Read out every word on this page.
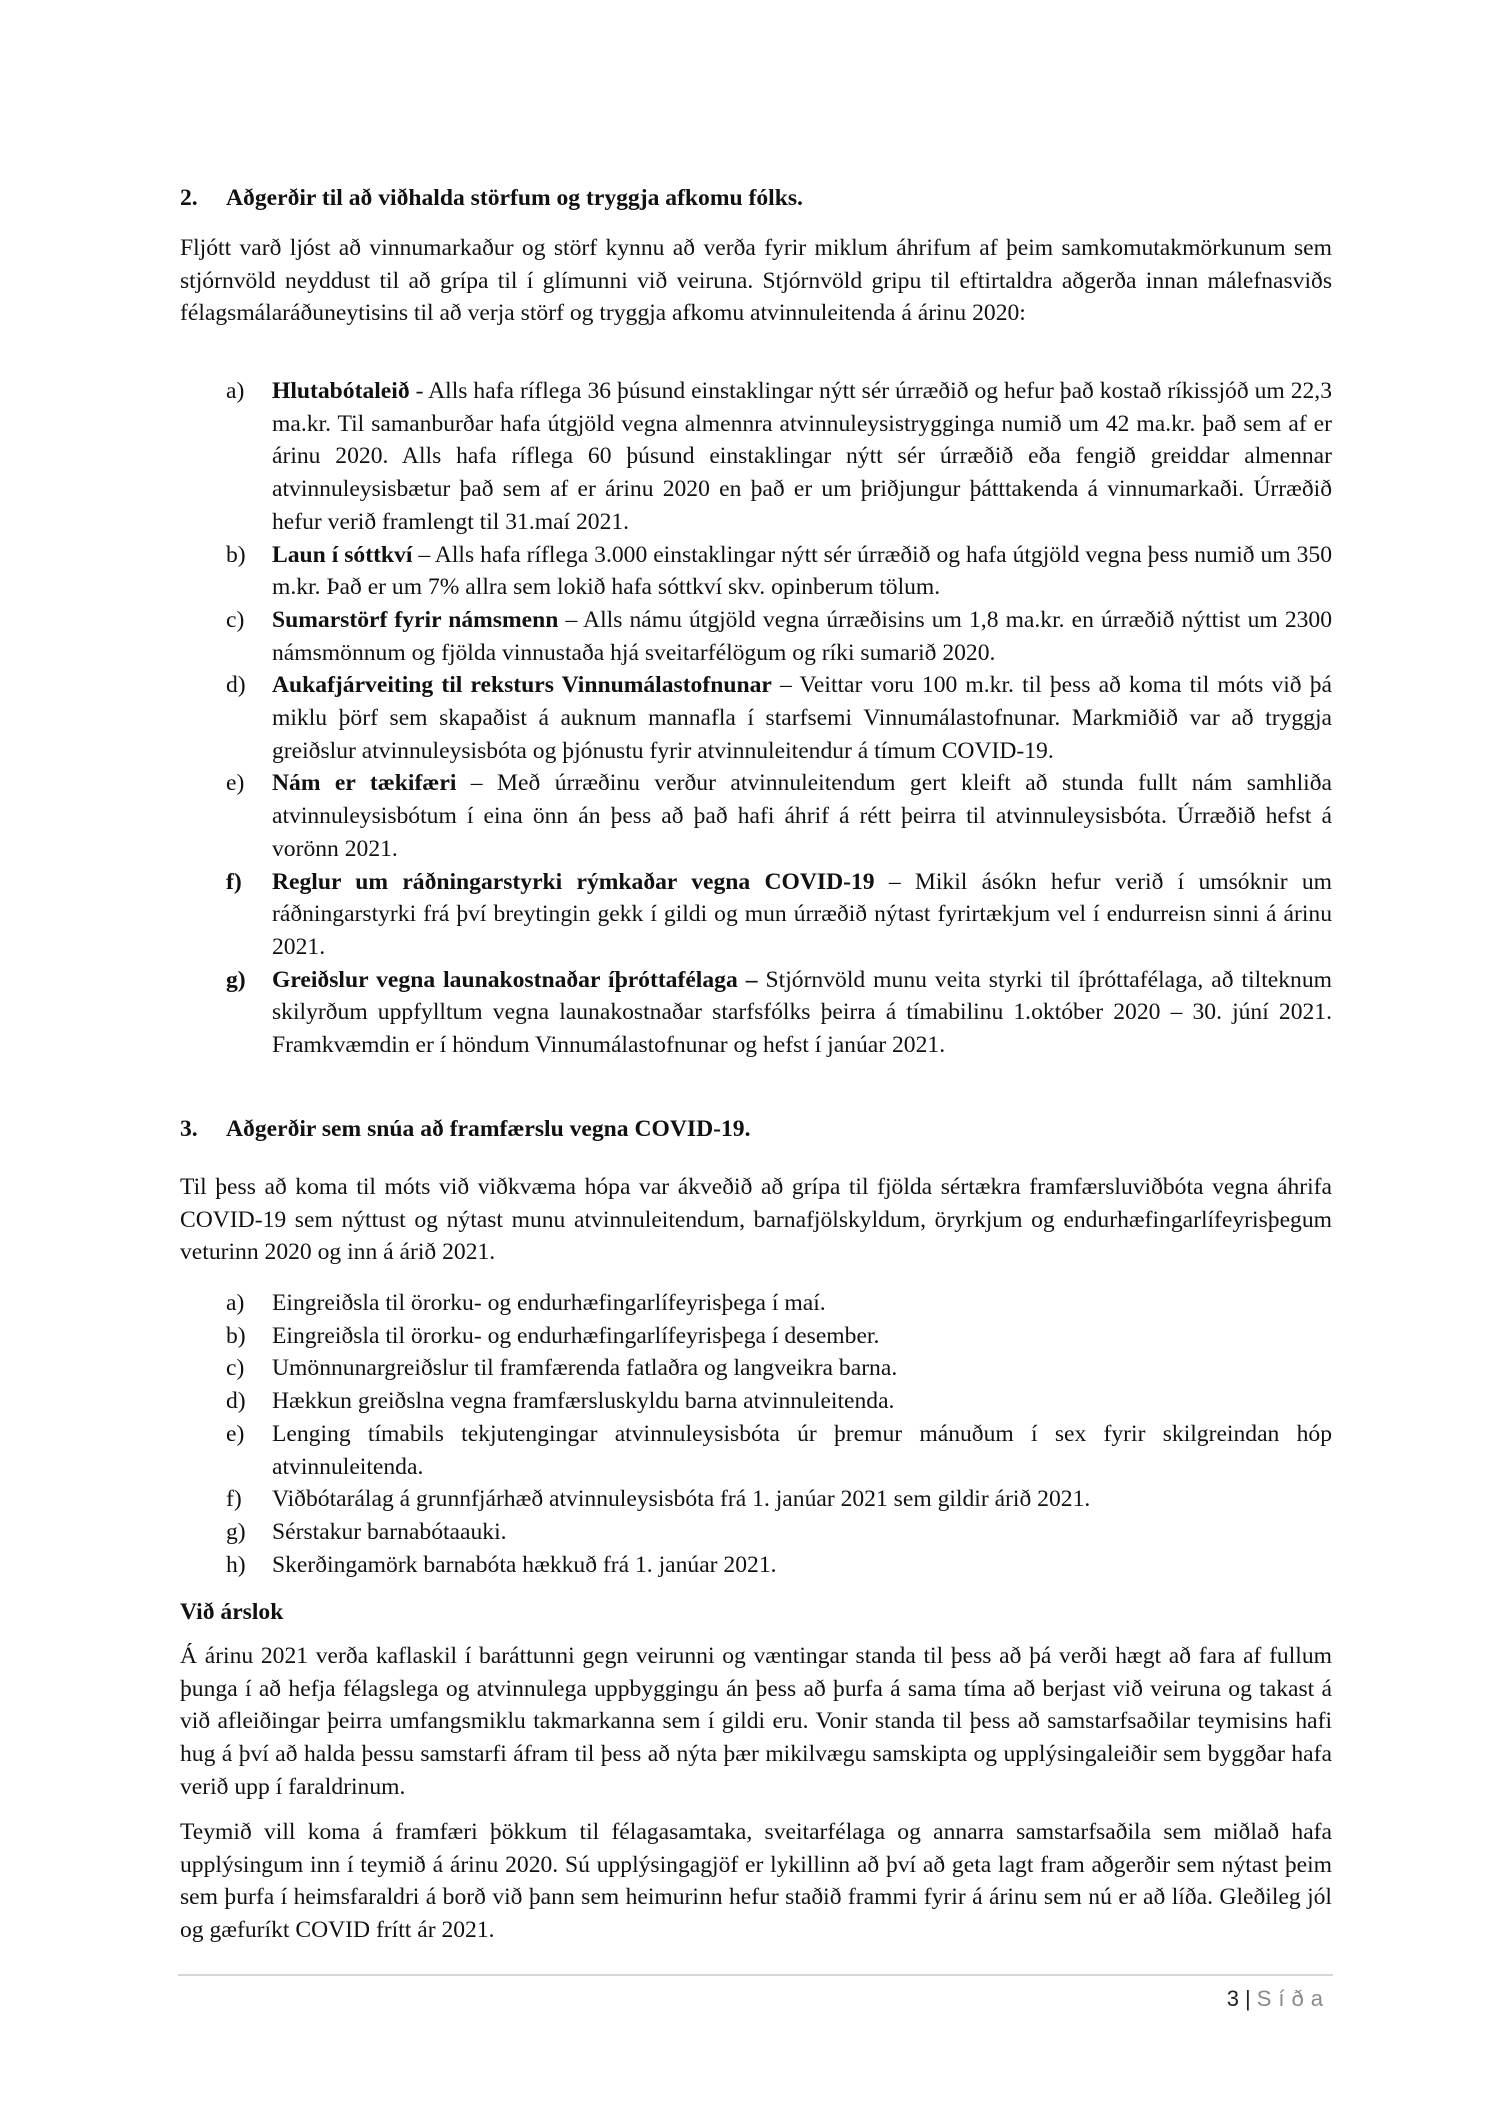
2.	Aðgerðir til að viðhalda störfum og tryggja afkomu fólks.

Fljótt varð ljóst að vinnumarkaður og störf kynnu að verða fyrir miklum áhrifum af þeim samkomutakmörkunum sem stjórnvöld neyddust til að grípa til í glímunni við veiruna. Stjórnvöld gripu til eftirtaldra aðgerða innan málefnasviðs félagsmálaráðuneytisins til að verja störf og tryggja afkomu atvinnuleitenda á árinu 2020:

a)	Hlutabótaleið - Alls hafa ríflega 36 þúsund einstaklingar nýtt sér úrræðið og hefur það kostað ríkissjóð um 22,3 ma.kr. Til samanburðar hafa útgjöld vegna almennra atvinnuleysistrygginga numið um 42 ma.kr. það sem af er árinu 2020. Alls hafa ríflega 60 þúsund einstaklingar nýtt sér úrræðið eða fengið greiddar almennar atvinnuleysisbætur það sem af er árinu 2020 en það er um þriðjungur þátttakenda á vinnumarkaði. Úrræðið hefur verið framlengt til 31.maí 2021.
b)	Laun í sóttkví – Alls hafa ríflega 3.000 einstaklingar nýtt sér úrræðið og hafa útgjöld vegna þess numið um 350 m.kr. Það er um 7% allra sem lokið hafa sóttkví skv. opinberum tölum.
c)	Sumarstörf fyrir námsmenn – Alls námu útgjöld vegna úrræðisins um 1,8 ma.kr. en úrræðið nýttist um 2300 námsmönnum og fjölda vinnustaða hjá sveitarfélögum og ríki sumarið 2020.
d)	Aukafjárveiting til reksturs Vinnumálastofnunar – Veittar voru 100 m.kr. til þess að koma til móts við þá miklu þörf sem skapaðist á auknum mannafla í starfsemi Vinnumálastofnunar. Markmiðið var að tryggja greiðslur atvinnuleysisbóta og þjónustu fyrir atvinnuleitendur á tímum COVID-19.
e)	Nám er tækifæri – Með úrræðinu verður atvinnuleitendum gert kleift að stunda fullt nám samhliða atvinnuleysisbótum í eina önn án þess að það hafi áhrif á rétt þeirra til atvinnuleysisbóta. Úrræðið hefst á vorönn 2021.
f)	Reglur um ráðningarstyrki rýmkaðar vegna COVID-19 – Mikil ásókn hefur verið í umsóknir um ráðningarstyrki frá því breytingin gekk í gildi og mun úrræðið nýtast fyrirtækjum vel í endurreisn sinni á árinu 2021.
g)	Greiðslur vegna launakostnaðar íþróttafélaga – Stjórnvöld munu veita styrki til íþróttafélaga, að tilteknum skilyrðum uppfylltum vegna launakostnaðar starfsfólks þeirra á tímabilinu 1.október 2020 – 30. júní 2021. Framkvæmdin er í höndum Vinnumálastofnunar og hefst í janúar 2021.
3.	Aðgerðir sem snúa að framfærslu vegna COVID-19.

Til þess að koma til móts við viðkvæma hópa var ákveðið að grípa til fjölda sértækra framfærsluviðbóta vegna áhrifa COVID-19 sem nýttust og nýtast munu atvinnuleitendum, barnafjölskyldum, öryrkjum og endurhæfingarlífeyrisþegum veturinn 2020 og inn á árið 2021.

a)	Eingreiðsla til örorku- og endurhæfingarlífeyrisþega í maí.
b)	Eingreiðsla til örorku- og endurhæfingarlífeyrisþega í desember.
c)	Umönnunargreiðslur til framfærenda fatlaðra og langveikra barna.
d)	Hækkun greiðslna vegna framfærsluskyldu barna atvinnuleitenda.
e)	Lenging tímabils tekjutengingar atvinnuleysisbóta úr þremur mánuðum í sex fyrir skilgreindan hóp atvinnuleitenda.
f)	Viðbótarálag á grunnfjárhæð atvinnuleysisbóta frá 1. janúar 2021 sem gildir árið 2021.
g)	Sérstakur barnabótaauki.
h)	Skerðingamörk barnabóta hækkuð frá 1. janúar 2021.
Við árslok

Á árinu 2021 verða kaflaskil í baráttunni gegn veirunni og væntingar standa til þess að þá verði hægt að fara af fullum þunga í að hefja félagslega og atvinnulega uppbyggingu án þess að þurfa á sama tíma að berjast við veiruna og takast á við afleiðingar þeirra umfangsmiklu takmarkanna sem í gildi eru. Vonir standa til þess að samstarfsaðilar teymisins hafi hug á því að halda þessu samstarfi áfram til þess að nýta þær mikilvægu samskipta og upplýsingaleiðir sem byggðar hafa verið upp í faraldrinum.

Teymið vill koma á framfæri þökkum til félagasamtaka, sveitarfélaga og annarra samstarfsaðila sem miðlað hafa upplýsingum inn í teymið á árinu 2020. Sú upplýsingagjöf er lykillinn að því að geta lagt fram aðgerðir sem nýtast þeim sem þurfa í heimsfaraldri á borð við þann sem heimurinn hefur staðið frammi fyrir á árinu sem nú er að líða. Gleðileg jól og gæfuríkt COVID frítt ár 2021.

3 | Síða
